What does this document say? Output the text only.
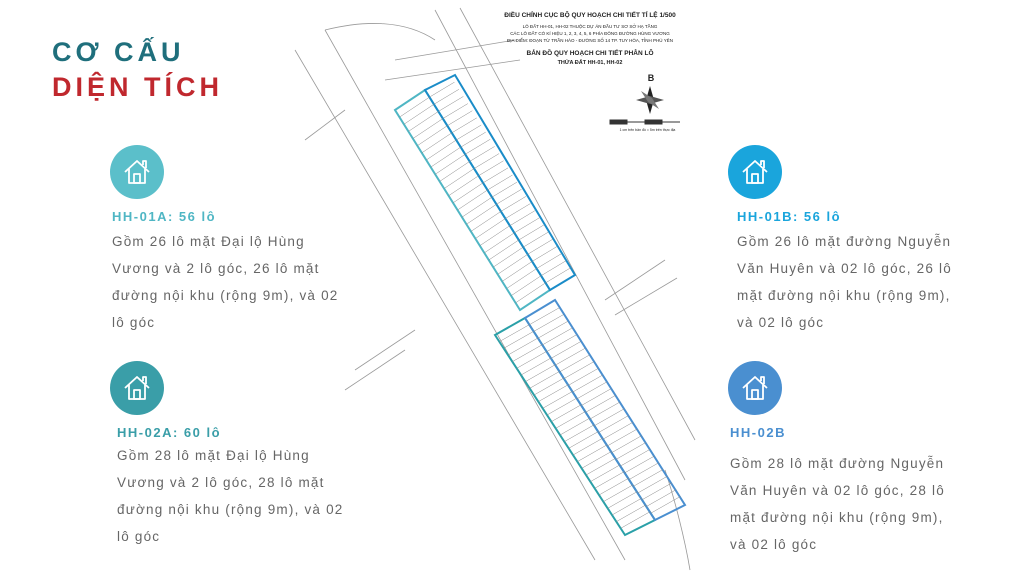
CƠ CẤU
DIỆN TÍCH
HH-01A: 56 lô
Gồm 26 lô mặt Đại lộ Hùng Vương và 2 lô góc, 26 lô mặt đường nội khu (rộng 9m), và 02 lô góc
HH-01B: 56 lô
Gồm 26 lô mặt đường Nguyễn Văn Huyên và 02 lô góc, 26 lô mặt đường nội khu (rộng 9m), và 02 lô góc
HH-02A: 60 lô
Gồm 28 lô mặt Đại lộ Hùng Vương và 2 lô góc, 28 lô mặt đường nội khu (rộng 9m), và 02 lô góc
HH-02B
Gồm 28 lô mặt đường Nguyễn Văn Huyên và 02 lô góc, 28 lô mặt đường nội khu (rộng 9m), và 02 lô góc
ĐIỀU CHỈNH CỤC BỘ QUY HOẠCH CHI TIẾT TỈ LỆ 1/500
LÔ ĐẤT HH-01, HH-02 THUỘC DỰ ÁN ĐẦU TƯ SƠ SỞ HẠ TẦNG
CÁC LÔ ĐẤT CÓ KÍ HIỆU 1, 2, 3, 4, 5, 6 PHÍA ĐÔNG ĐƯỜNG HÙNG VƯƠNG
ĐỊA ĐIỂM: ĐOẠN TỪ TRẦN HÀO - ĐƯỜNG SỐ 14 TP. TUY HÒA, TỈNH PHÚ YÊN
BẢN ĐỒ QUY HOẠCH CHI TIẾT PHÂN LÔ
THỬA ĐẤT HH-01, HH-02
B
1 cm trên bản đồ = 5m trên thực địa
